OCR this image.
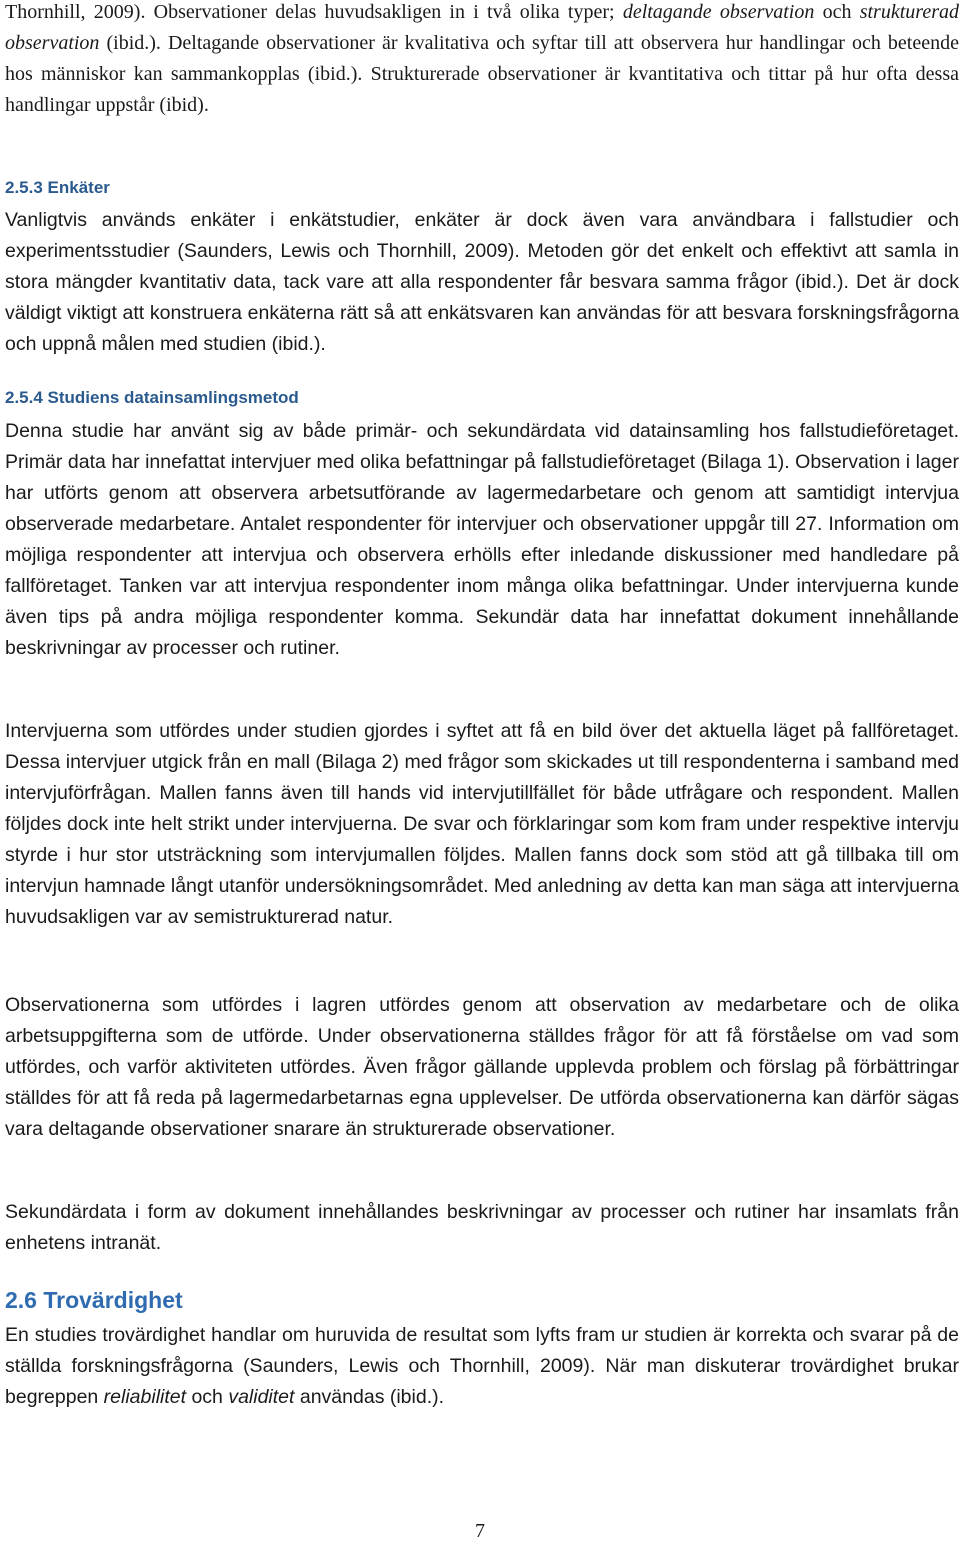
Thornhill, 2009). Observationer delas huvudsakligen in i två olika typer; deltagande observation och strukturerad observation (ibid.). Deltagande observationer är kvalitativa och syftar till att observera hur handlingar och beteende hos människor kan sammankopplas (ibid.). Strukturerade observationer är kvantitativa och tittar på hur ofta dessa handlingar uppstår (ibid).

2.5.3 Enkäter

Vanligtvis används enkäter i enkätstudier, enkäter är dock även vara användbara i fallstudier och experimentsstudier (Saunders, Lewis och Thornhill, 2009). Metoden gör det enkelt och effektivt att samla in stora mängder kvantitativ data, tack vare att alla respondenter får besvara samma frågor (ibid.). Det är dock väldigt viktigt att konstruera enkäterna rätt så att enkätsvaren kan användas för att besvara forskningsfrågorna och uppnå målen med studien (ibid.).

2.5.4 Studiens datainsamlingsmetod

Denna studie har använt sig av både primär- och sekundärdata vid datainsamling hos fallstudieföretaget. Primär data har innefattat intervjuer med olika befattningar på fallstudieföretaget (Bilaga 1). Observation i lager har utförts genom att observera arbetsutförande av lagermedarbetare och genom att samtidigt intervjua observerade medarbetare. Antalet respondenter för intervjuer och observationer uppgår till 27. Information om möjliga respondenter att intervjua och observera erhölls efter inledande diskussioner med handledare på fallföretaget. Tanken var att intervjua respondenter inom många olika befattningar. Under intervjuerna kunde även tips på andra möjliga respondenter komma. Sekundär data har innefattat dokument innehållande beskrivningar av processer och rutiner.

Intervjuerna som utfördes under studien gjordes i syftet att få en bild över det aktuella läget på fallföretaget. Dessa intervjuer utgick från en mall (Bilaga 2) med frågor som skickades ut till respondenterna i samband med intervjuförfrågan. Mallen fanns även till hands vid intervjutillfället för både utfrågare och respondent. Mallen följdes dock inte helt strikt under intervjuerna. De svar och förklaringar som kom fram under respektive intervju styrde i hur stor utsträckning som intervjumallen följdes. Mallen fanns dock som stöd att gå tillbaka till om intervjun hamnade långt utanför undersökningsområdet. Med anledning av detta kan man säga att intervjuerna huvudsakligen var av semistrukturerad natur.

Observationerna som utfördes i lagren utfördes genom att observation av medarbetare och de olika arbetsuppgifterna som de utförde. Under observationerna ställdes frågor för att få förståelse om vad som utfördes, och varför aktiviteten utfördes. Även frågor gällande upplevda problem och förslag på förbättringar ställdes för att få reda på lagermedarbetarnas egna upplevelser. De utförda observationerna kan därför sägas vara deltagande observationer snarare än strukturerade observationer.

Sekundärdata i form av dokument innehållandes beskrivningar av processer och rutiner har insamlats från enhetens intranät.

2.6 Trovärdighet

En studies trovärdighet handlar om huruvida de resultat som lyfts fram ur studien är korrekta och svarar på de ställda forskningsfrågorna (Saunders, Lewis och Thornhill, 2009). När man diskuterar trovärdighet brukar begreppen reliabilitet och validitet användas (ibid.).

7
